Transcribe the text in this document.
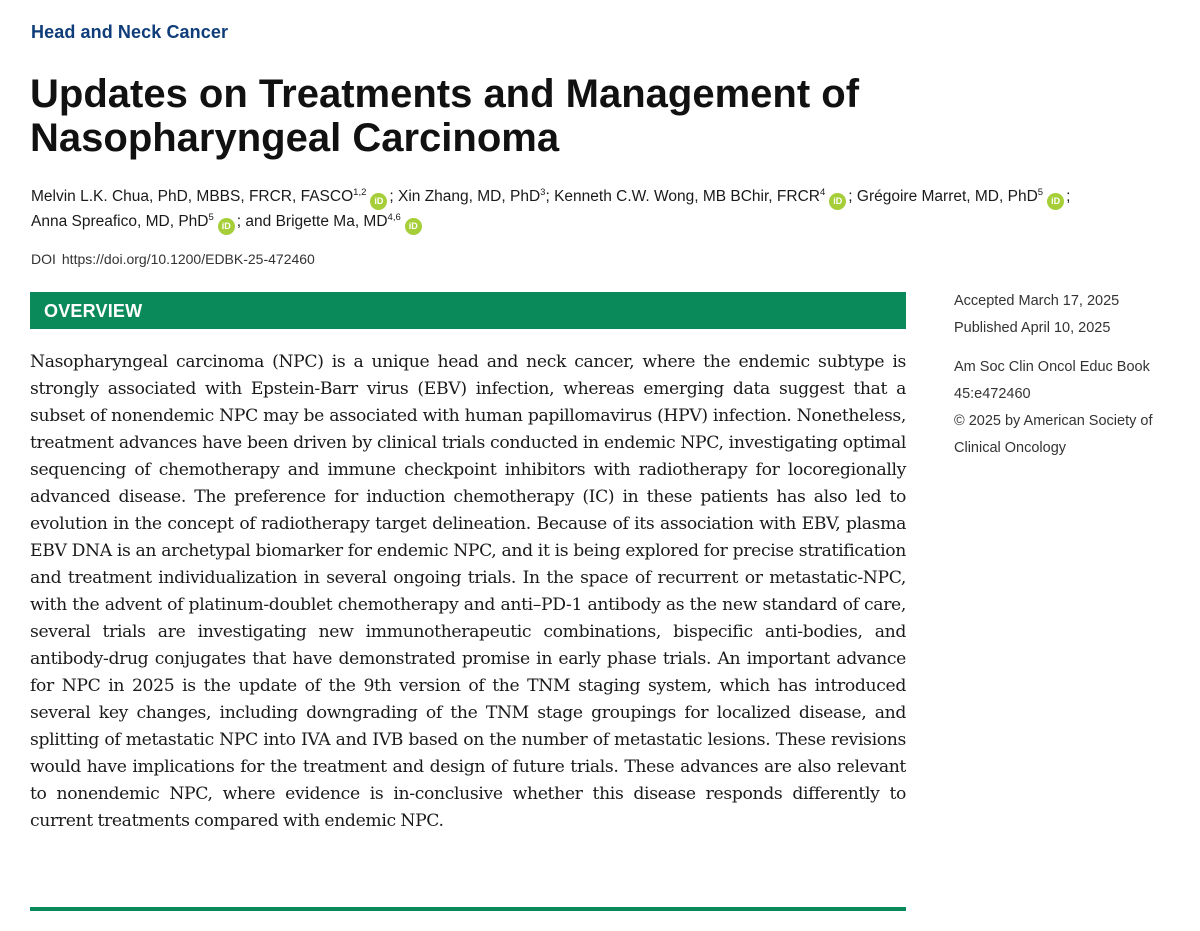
Head and Neck Cancer
Updates on Treatments and Management of
Nasopharyngeal Carcinoma
Melvin L.K. Chua, PhD, MBBS, FRCR, FASCO$^{1,2}$iD ; Xin Zhang, MD, PhD$^3$; Kenneth C.W. Wong, MB BChir, FRCR$^4$iD ; Grégoire Marret, MD, PhD$^5$iD ;
Anna Spreafico, MD, PhD$^5$iD ; and Brigette Ma, MD$^{4,6}$iD
DOI https://doi.org/10.1200/EDBK-25-472460
OVERVIEW

Nasopharyngeal carcinoma (NPC) is a unique head and neck cancer, where the endemic subtype is strongly associated with Epstein-Barr virus (EBV) infection, whereas emerging data suggest that a subset of nonendemic NPC may be associated with human papillomavirus (HPV) infection. Nonetheless, treatment advances have been driven by clinical trials conducted in endemic NPC, investigating optimal sequencing of chemotherapy and immune checkpoint inhibitors with radiotherapy for locoregionally advanced disease. The preference for induction chemotherapy (IC) in these patients has also led to evolution in the concept of radiotherapy target delineation. Because of its association with EBV, plasma EBV DNA is an archetypal biomarker for endemic NPC, and it is being explored for precise stratification and treatment individualization in several ongoing trials. In the space of recurrent or metastatic-NPC, with the advent of platinum-doublet chemotherapy and anti–PD-1 antibody as the new standard of care, several trials are investigating new immunotherapeutic combinations, bispecific anti-bodies, and antibody-drug conjugates that have demonstrated promise in early phase trials. An important advance for NPC in 2025 is the update of the 9th version of the TNM staging system, which has introduced several key changes, including downgrading of the TNM stage groupings for localized disease, and splitting of metastatic NPC into IVA and IVB based on the number of metastatic lesions. These revisions would have implications for the treatment and design of future trials. These advances are also relevant to nonendemic NPC, where evidence is in-conclusive whether this disease responds differently to current treatments compared with endemic NPC.

Accepted March 17, 2025
Published April 10, 2025
Am Soc Clin Oncol Educ Book
45:e472460
© 2025 by American Society of
Clinical Oncology
